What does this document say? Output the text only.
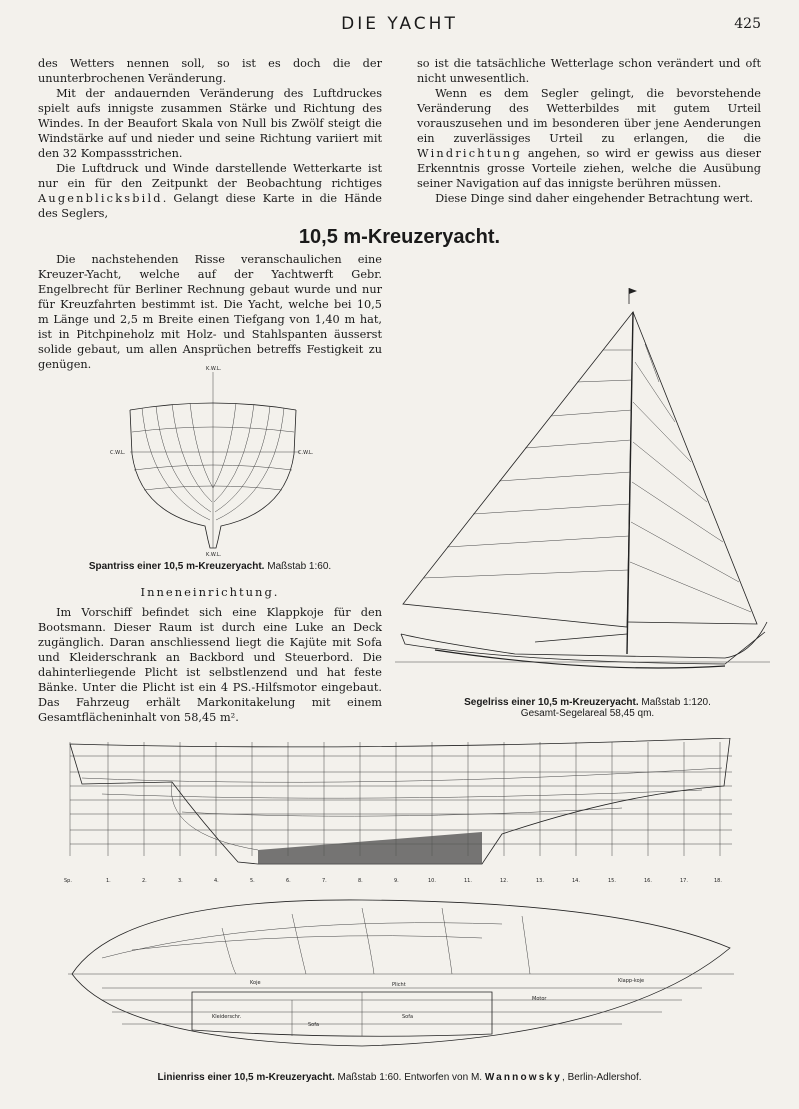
DIE YACHT	425

des Wetters nennen soll, so ist es doch die der ununterbrochenen Veränderung.

Mit der andauernden Veränderung des Luftdruckes spielt aufs innigste zusammen Stärke und Richtung des Windes. In der Beaufort Skala von Null bis Zwölf steigt die Windstärke auf und nieder und seine Richtung variiert mit den 32 Kompassstrichen.

Die Luftdruck und Winde darstellende Wetterkarte ist nur ein für den Zeitpunkt der Beobachtung richtiges Augenblicksbild. Gelangt diese Karte in die Hände des Seglers,

so ist die tatsächliche Wetterlage schon verändert und oft nicht unwesentlich.

Wenn es dem Segler gelingt, die bevorstehende Veränderung des Wetterbildes mit gutem Urteil vorauszusehen und im besonderen über jene Aenderungen ein zuverlässiges Urteil zu erlangen, die die Windrichtung angehen, so wird er gewiss aus dieser Erkenntnis grosse Vorteile ziehen, welche die Ausübung seiner Navigation auf das innigste berühren müssen.

Diese Dinge sind daher eingehender Betrachtung wert.

10,5 m-Kreuzeryacht.

Die nachstehenden Risse veranschaulichen eine Kreuzer-Yacht, welche auf der Yachtwerft Gebr. Engelbrecht für Berliner Rechnung gebaut wurde und nur für Kreuzfahrten bestimmt ist. Die Yacht, welche bei 10,5 m Länge und 2,5 m Breite einen Tiefgang von 1,40 m hat, ist in Pitchpineholz mit Holz- und Stahlspanten äusserst solide gebaut, um allen Ansprüchen betreffs Festigkeit zu genügen.	K.W.L.
C.W.L.	C.W.L.
K.W.L.
Spantriss einer 10,5 m-Kreuzeryacht. Maßstab 1:60.
Inneneinrichtung.

Im Vorschiff befindet sich eine Klappkoje für den Bootsmann. Dieser Raum ist durch eine Luke an Deck zugänglich. Daran anschliessend liegt die Kajüte mit Sofa und Kleiderschrank an Backbord und Steuerbord. Die dahinterliegende Plicht ist selbstlenzend und hat feste Bänke. Unter die Plicht ist ein 4 PS.-Hilfsmotor eingebaut. Das Fahrzeug erhält Markonitakelung mit einem Gesamtflächeninhalt von 58,45 m².

Segelriss einer 10,5 m-Kreuzeryacht. Maßstab 1:120.
Gesamt-Segelareal 58,45 qm.
Sp.	1.	2.	3.	4.	5.	6.	7.	8.	9.	10.	11.	12.	13.	14.	15.	16.	17.	18.
Koje
Kleiderschr.
Sofa
Sofa
Plicht
Motor
Klapp-koje
Linienriss einer 10,5 m-Kreuzeryacht. Maßstab 1:60. Entworfen von M. Wannowsky, Berlin-Adlershof.
